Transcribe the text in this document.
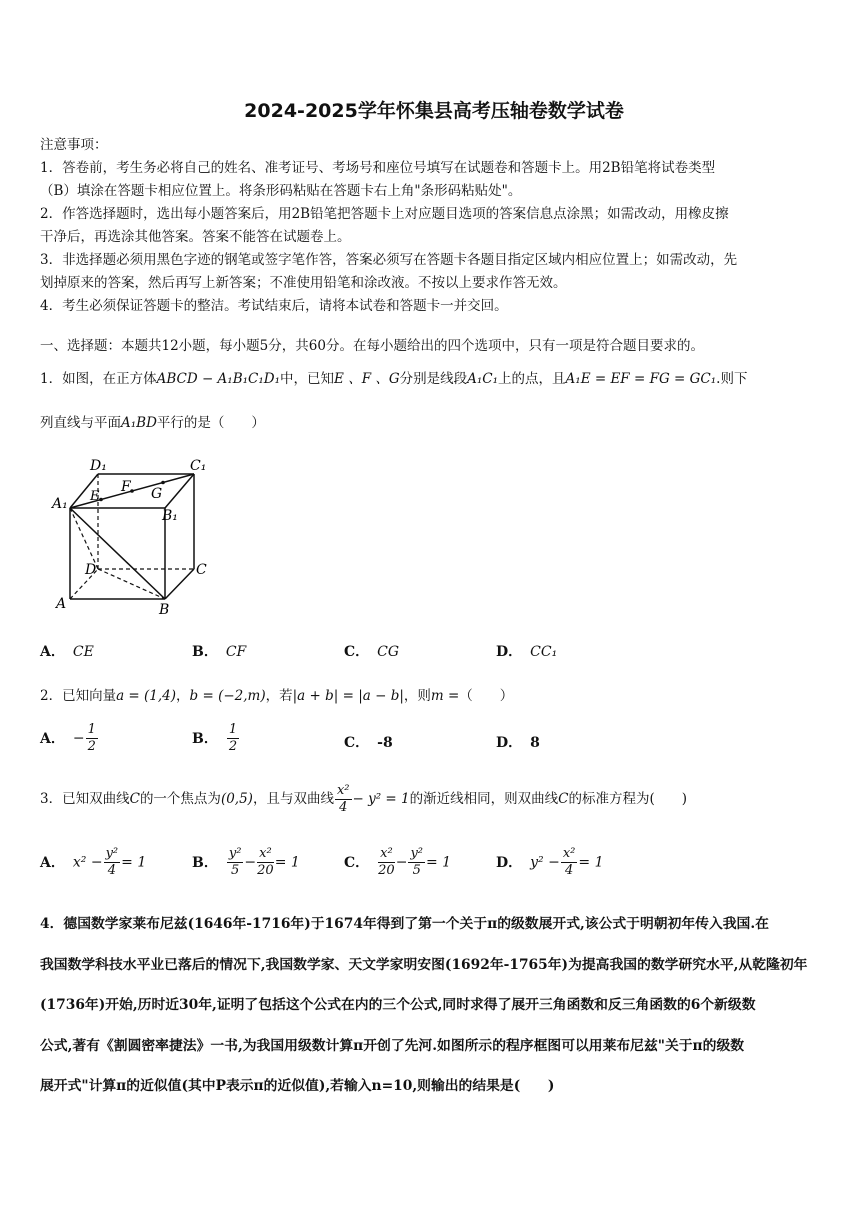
2024-2025学年怀集县高考压轴卷数学试卷

注意事项：

1．答卷前，考生务必将自己的姓名、准考证号、考场号和座位号填写在试题卷和答题卡上。用2B铅笔将试卷类型

（B）填涂在答题卡相应位置上。将条形码粘贴在答题卡右上角"条形码粘贴处"。

2．作答选择题时，选出每小题答案后，用2B铅笔把答题卡上对应题目选项的答案信息点涂黑；如需改动，用橡皮擦

干净后，再选涂其他答案。答案不能答在试题卷上。

3．非选择题必须用黑色字迹的钢笔或签字笔作答，答案必须写在答题卡各题目指定区域内相应位置上；如需改动，先

划掉原来的答案，然后再写上新答案；不准使用铅笔和涂改液。不按以上要求作答无效。

4．考生必须保证答题卡的整洁。考试结束后，请将本试卷和答题卡一并交回。

一、选择题：本题共12小题，每小题5分，共60分。在每小题给出的四个选项中，只有一项是符合题目要求的。
1．如图，在正方体ABCD − A₁B₁C₁D₁中，已知E 、F 、G分别是线段A₁C₁上的点，且A₁E = EF = FG = GC₁.则下
列直线与平面A₁BD平行的是（　　）
D₁	C₁
A₁ E
F G
B₁
D	C
A	B
A． CE	B． CF	C． CG	D． CC₁
2．已知向量a = (1,4)，b = (−2,m)，若|a + b| = |a − b|，则m =（　　）
A． − $\frac{1}{2}$	B． $\frac{1}{2}$	C． -8	D． 8
3．已知双曲线C的一个焦点为(0,5)，且与双曲线 $\frac{\text{x²}}{4} - y^2 = 1$的渐近线相同，则双曲线C的标准方程为(　　)
A． $x^2 - \frac{\text{y²}}{4} = 1$	B． $\frac{\text{y²}}{5} - \frac{\text{x²}}{20} = 1$	C． $\frac{\text{x²}}{20} - \frac{\text{y²}}{5} = 1$	D． $y^2 - \frac{\text{x²}}{4} = 1$

4．德国数学家莱布尼兹(1646年-1716年)于1674年得到了第一个关于π的级数展开式,该公式于明朝初年传入我国.在

我国数学科技水平业已落后的情况下,我国数学家、天文学家明安图(1692年-1765年)为提高我国的数学研究水平,从乾隆初年

(1736年)开始,历时近30年,证明了包括这个公式在内的三个公式,同时求得了展开三角函数和反三角函数的6个新级数

公式,著有《割圆密率捷法》一书,为我国用级数计算π开创了先河.如图所示的程序框图可以用莱布尼兹"关于π的级数

展开式"计算π的近似值(其中P表示π的近似值),若输入n=10,则输出的结果是(　　)
